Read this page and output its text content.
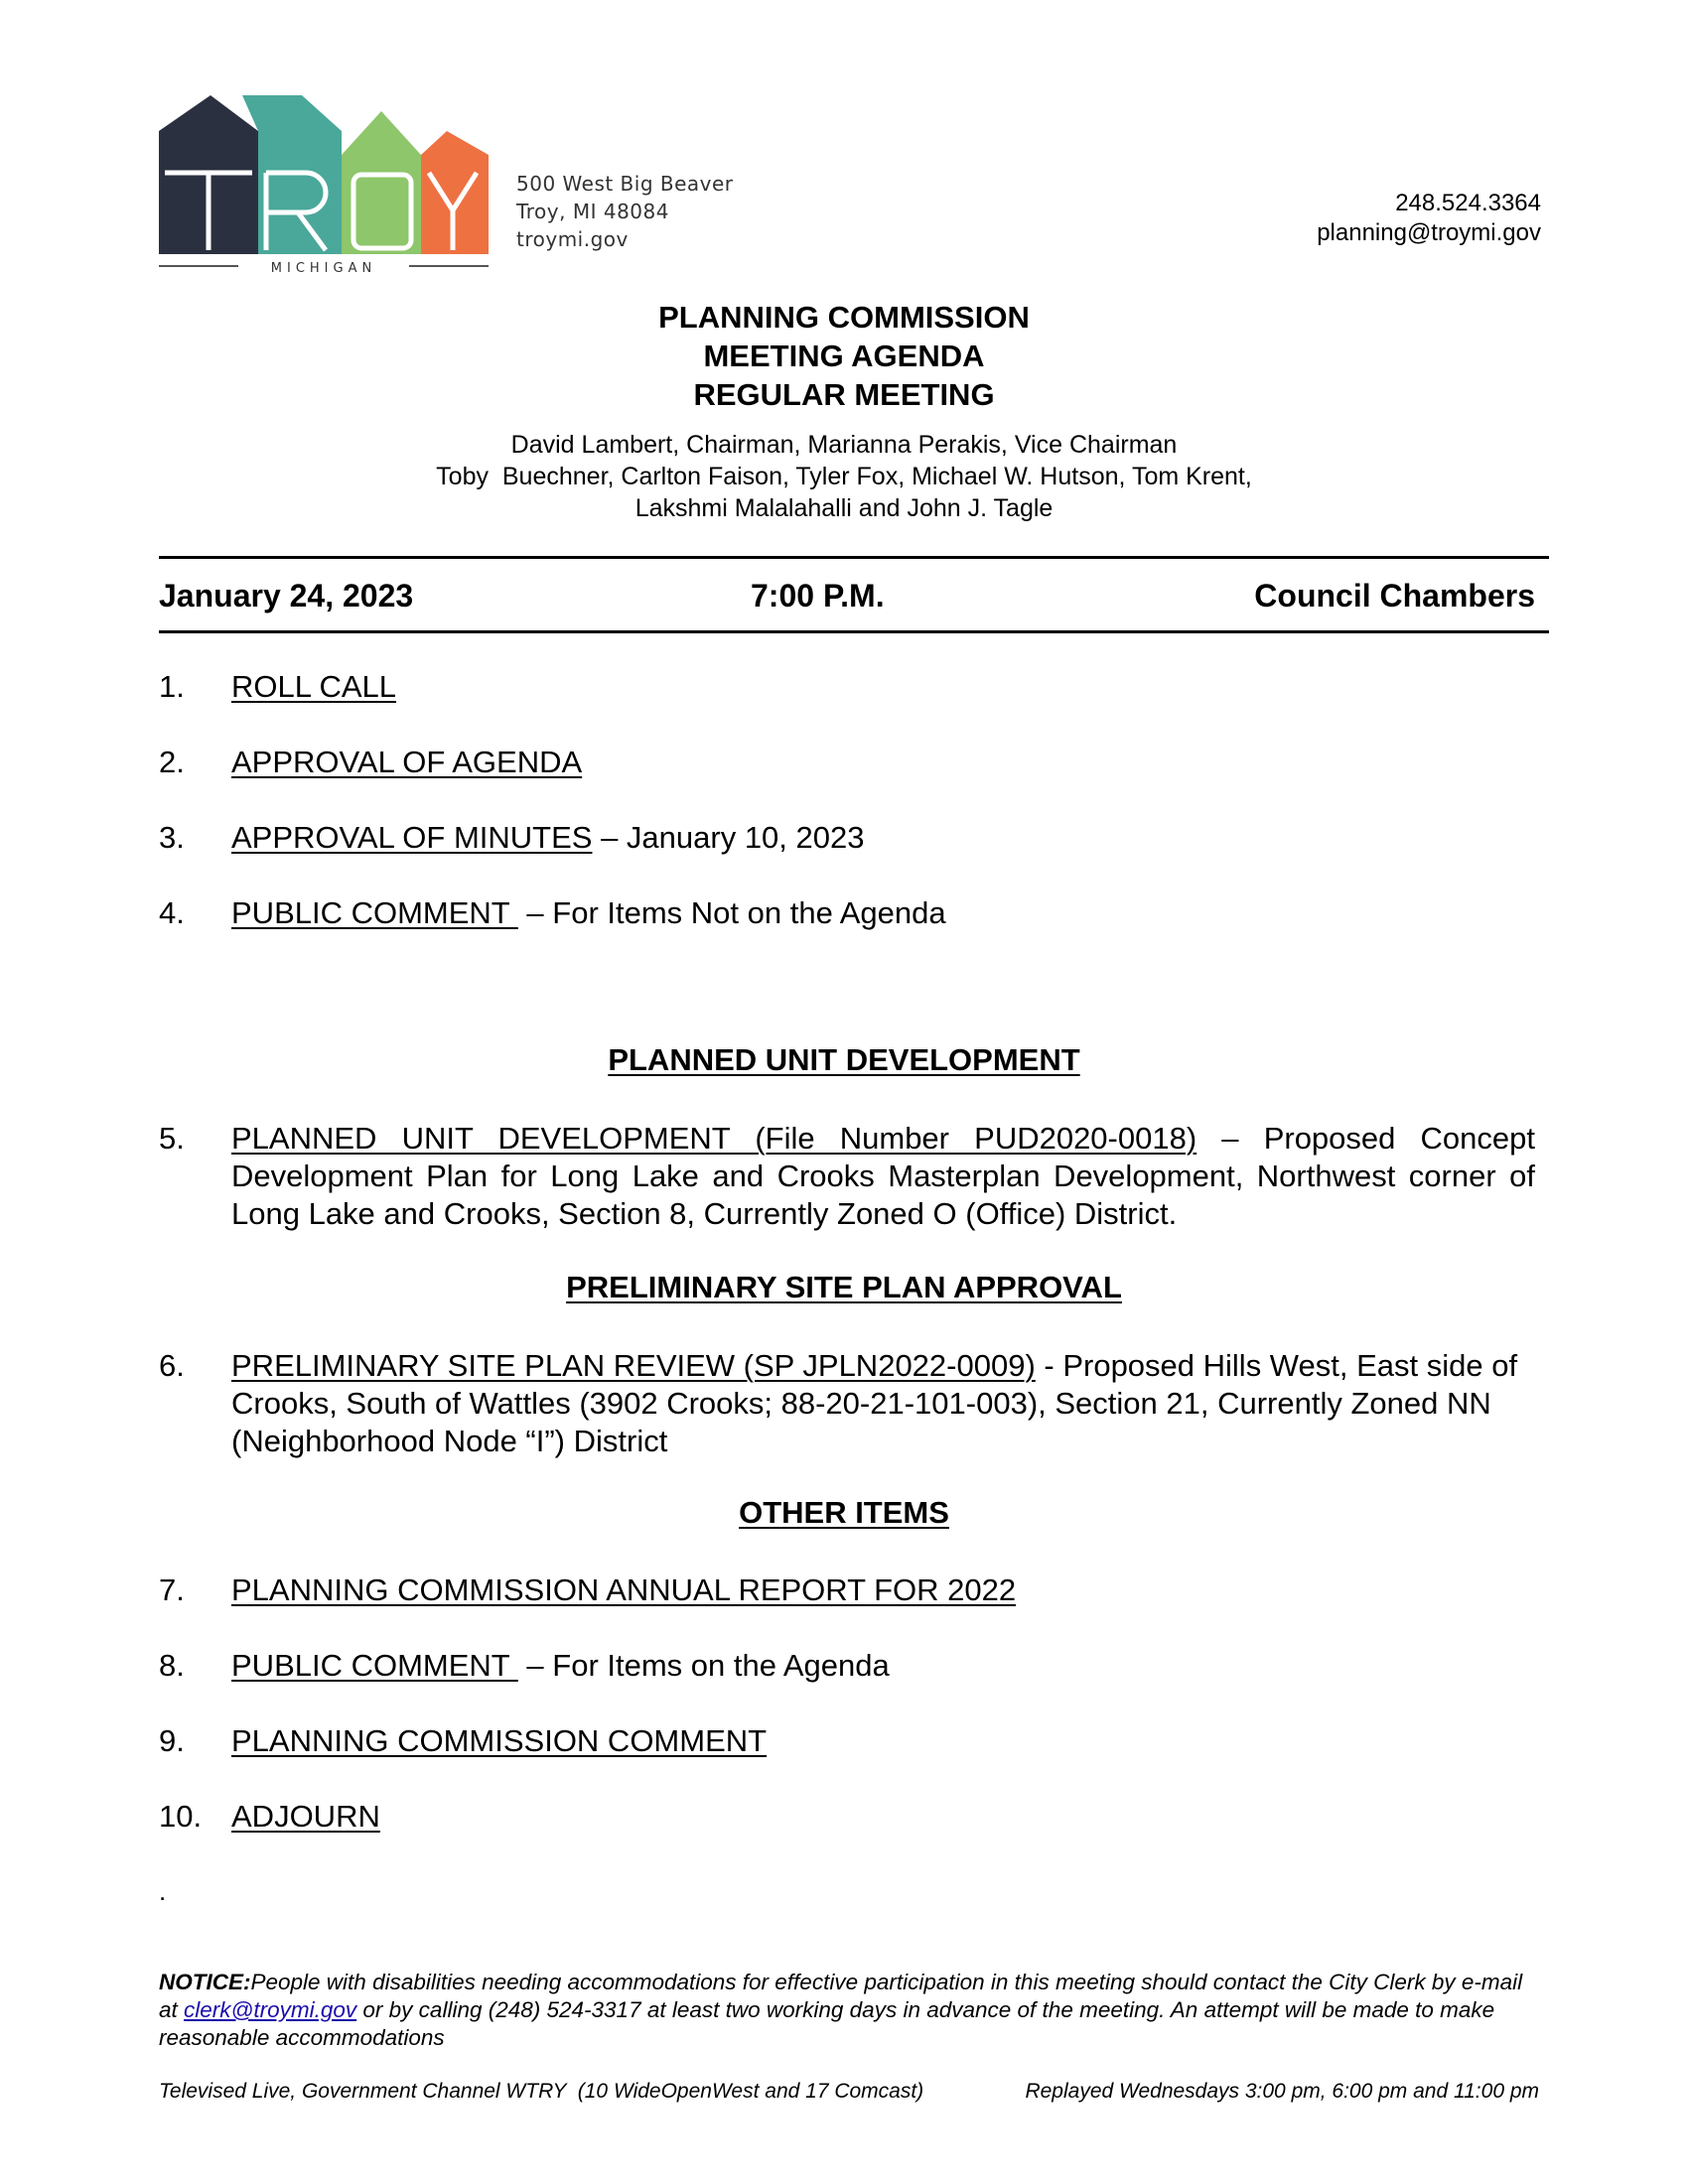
MICHIGAN
500 West Big Beaver
Troy, MI 48084
troymi.gov
248.524.3364
planning@troymi.gov
PLANNING COMMISSION
MEETING AGENDA
REGULAR MEETING
David Lambert, Chairman, Marianna Perakis, Vice Chairman
Toby  Buechner, Carlton Faison, Tyler Fox, Michael W. Hutson, Tom Krent,
Lakshmi Malalahalli and John J. Tagle
January 24, 2023	7:00 P.M.	Council Chambers
1. ROLL CALL
2. APPROVAL OF AGENDA
3. APPROVAL OF MINUTES – January 10, 2023
4. PUBLIC COMMENT  – For Items Not on the Agenda
PLANNED UNIT DEVELOPMENT
5. PLANNED UNIT DEVELOPMENT (File Number PUD2020-0018) – Proposed Concept Development Plan for Long Lake and Crooks Masterplan Development, Northwest corner of Long Lake and Crooks, Section 8, Currently Zoned O (Office) District.
PRELIMINARY SITE PLAN APPROVAL
6. PRELIMINARY SITE PLAN REVIEW (SP JPLN2022-0009) - Proposed Hills West, East side of Crooks, South of Wattles (3902 Crooks; 88-20-21-101-003), Section 21, Currently Zoned NN (Neighborhood Node “I”) District
OTHER ITEMS
7. PLANNING COMMISSION ANNUAL REPORT FOR 2022
8. PUBLIC COMMENT  – For Items on the Agenda
9. PLANNING COMMISSION COMMENT
10. ADJOURN
.
NOTICE:People with disabilities needing accommodations for effective participation in this meeting should contact the City Clerk by e-mail at clerk@troymi.gov or by calling (248) 524-3317 at least two working days in advance of the meeting. An attempt will be made to make reasonable accommodations
Televised Live, Government Channel WTRY  (10 WideOpenWest and 17 Comcast)	Replayed Wednesdays 3:00 pm, 6:00 pm and 11:00 pm
